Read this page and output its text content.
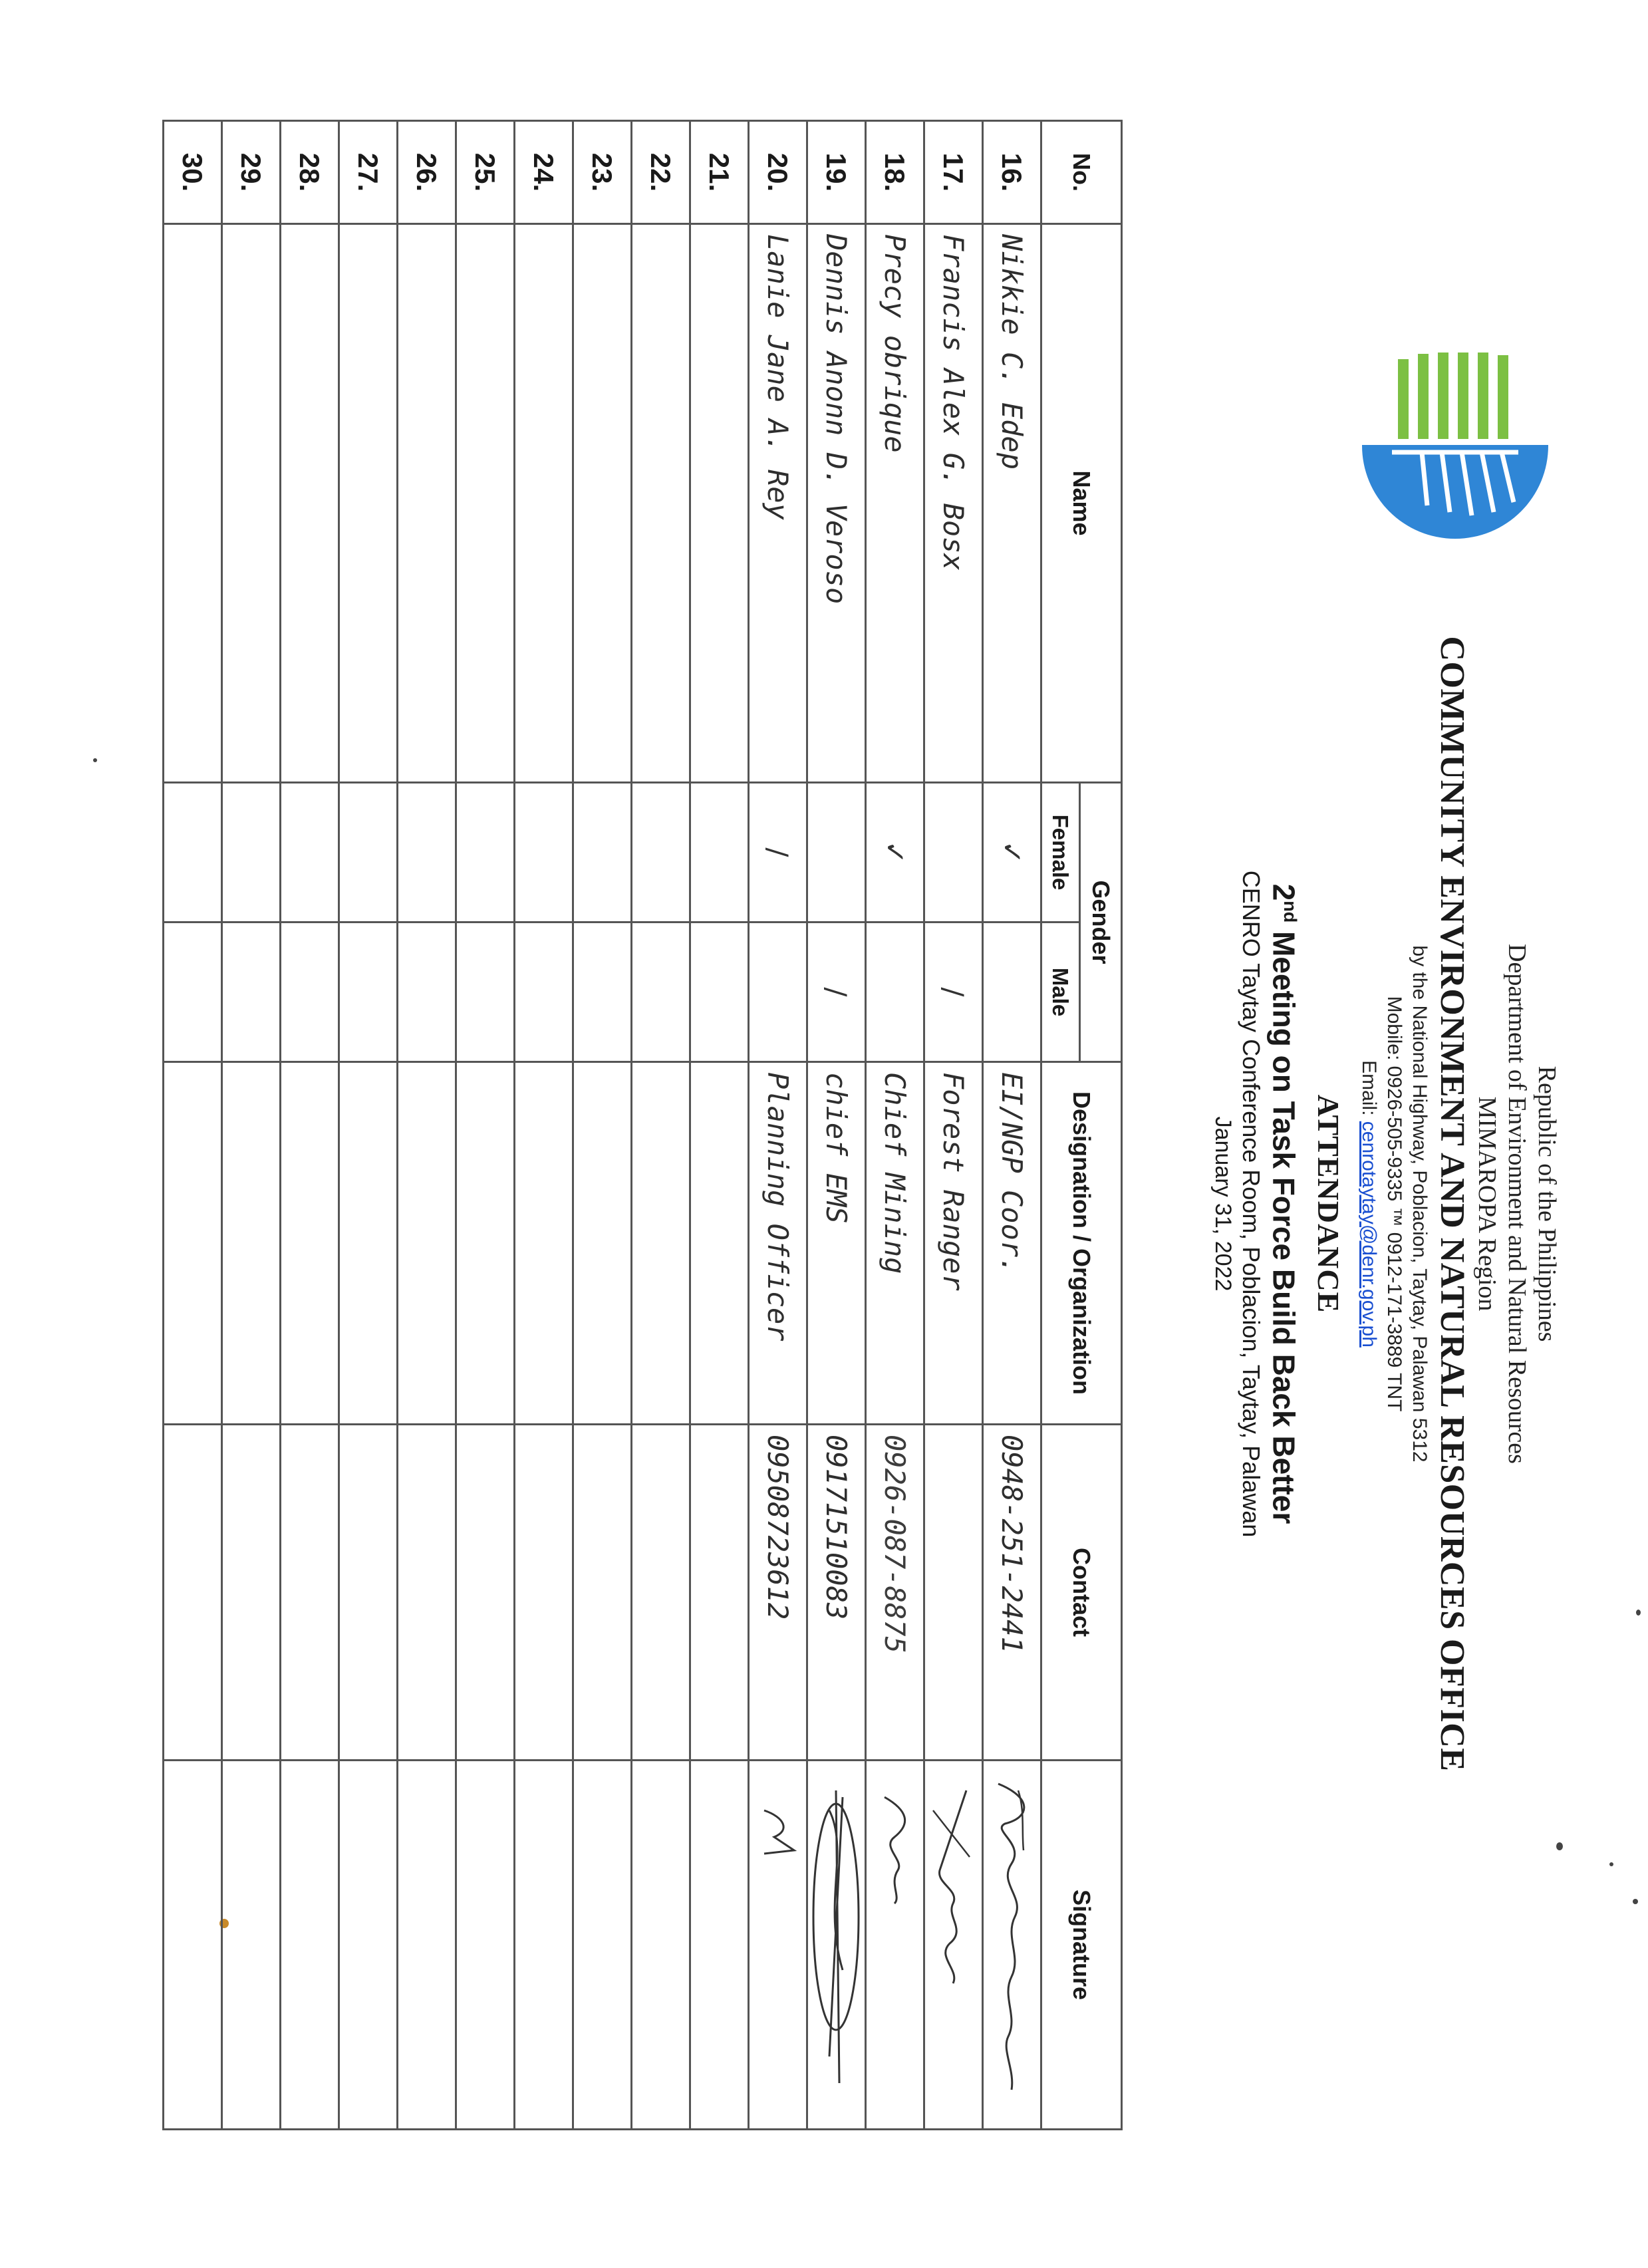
Republic of the Philippines
Department of Environment and Natural Resources
MIMAROPA Region
COMMUNITY ENVIRONMENT AND NATURAL RESOURCES OFFICE
by the National Highway, Poblacion, Taytay, Palawan 5312
Mobile: 0926-505-9335 ™ 0912-171-3889 TNT
Email: cenrotaytay@denr.gov.ph
ATTENDANCE
2nd Meeting on Task Force Build Back Better
CENRO Taytay Conference Room, Poblacion, Taytay, Palawan
January 31, 2022
No.	Name	Gender		Designation / Organization	Contact	Signature
		Female	Male			
16.	Nikkie C. Edep	✓		EI/NGP Coor.	0948-251-2441	

17.	Francis Alex G. Bosx		/	Forest Ranger		

18.	Precy obrique	✓		Chief Mining	0926-087-8875	

19.	Dennis Anonn D. Veroso		/	chief EMS	09171510083	

20.	Lanie Jane A. Rey	/		Planning Officer	09508723612	

21.						
22.						
23.						
24.						
25.						
26.						
27.						
28.						
29.						
30.						
